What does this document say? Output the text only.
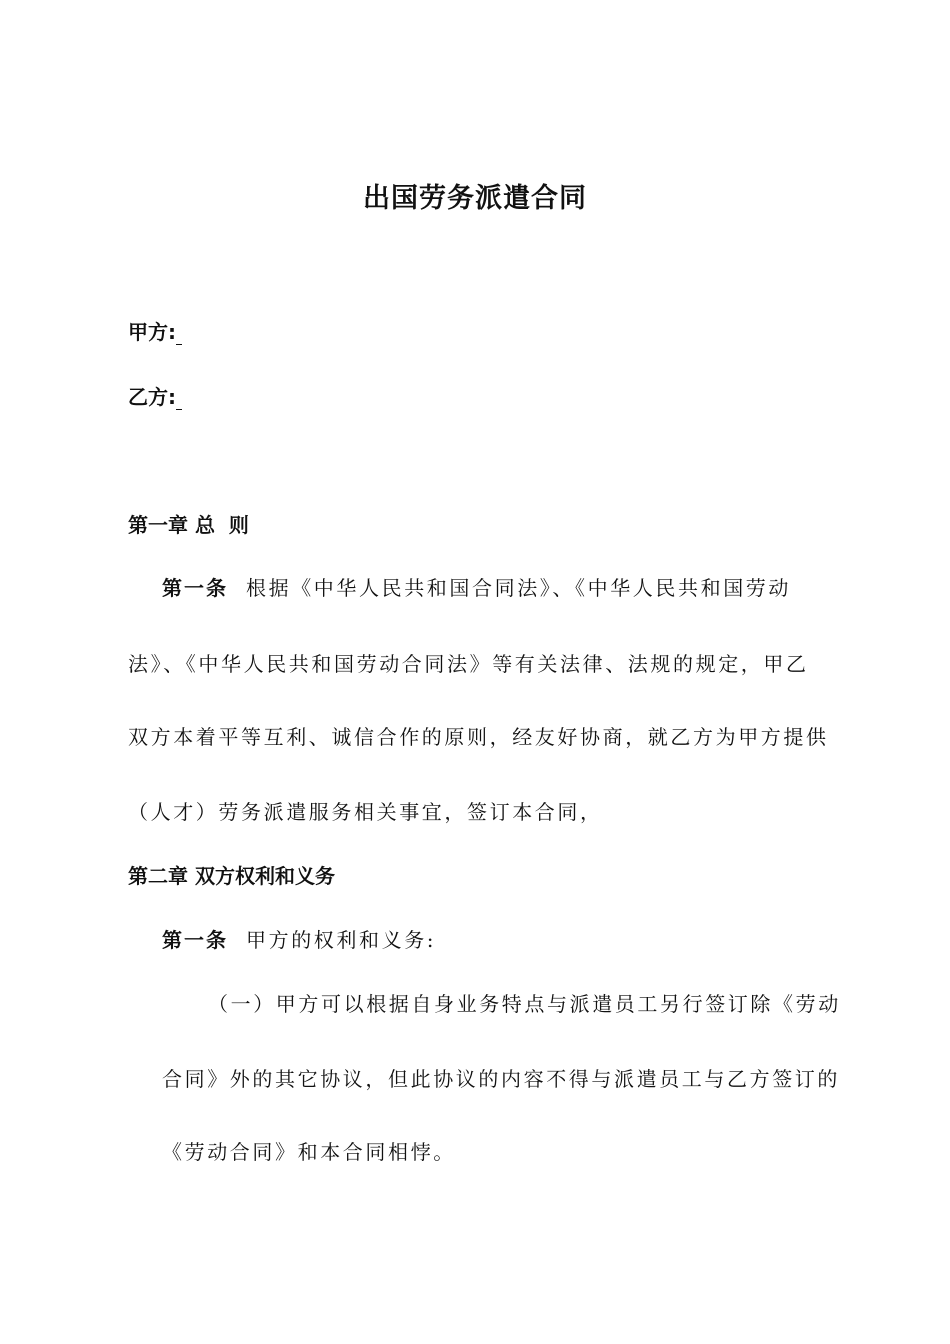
出国劳务派遣合同
甲方:
乙方:
第一章 总  则
第一条 根据《中华人民共和国合同法》、《中华人民共和国劳动
法》、《中华人民共和国劳动合同法》等有关法律、法规的规定，甲乙
双方本着平等互利、诚信合作的原则，经友好协商，就乙方为甲方提供
（人才）劳务派遣服务相关事宜，签订本合同，
第二章 双方权利和义务
第一条 甲方的权利和义务:
（一）甲方可以根据自身业务特点与派遣员工另行签订除《劳动
合同》外的其它协议，但此协议的内容不得与派遣员工与乙方签订的
《劳动合同》和本合同相悖。
